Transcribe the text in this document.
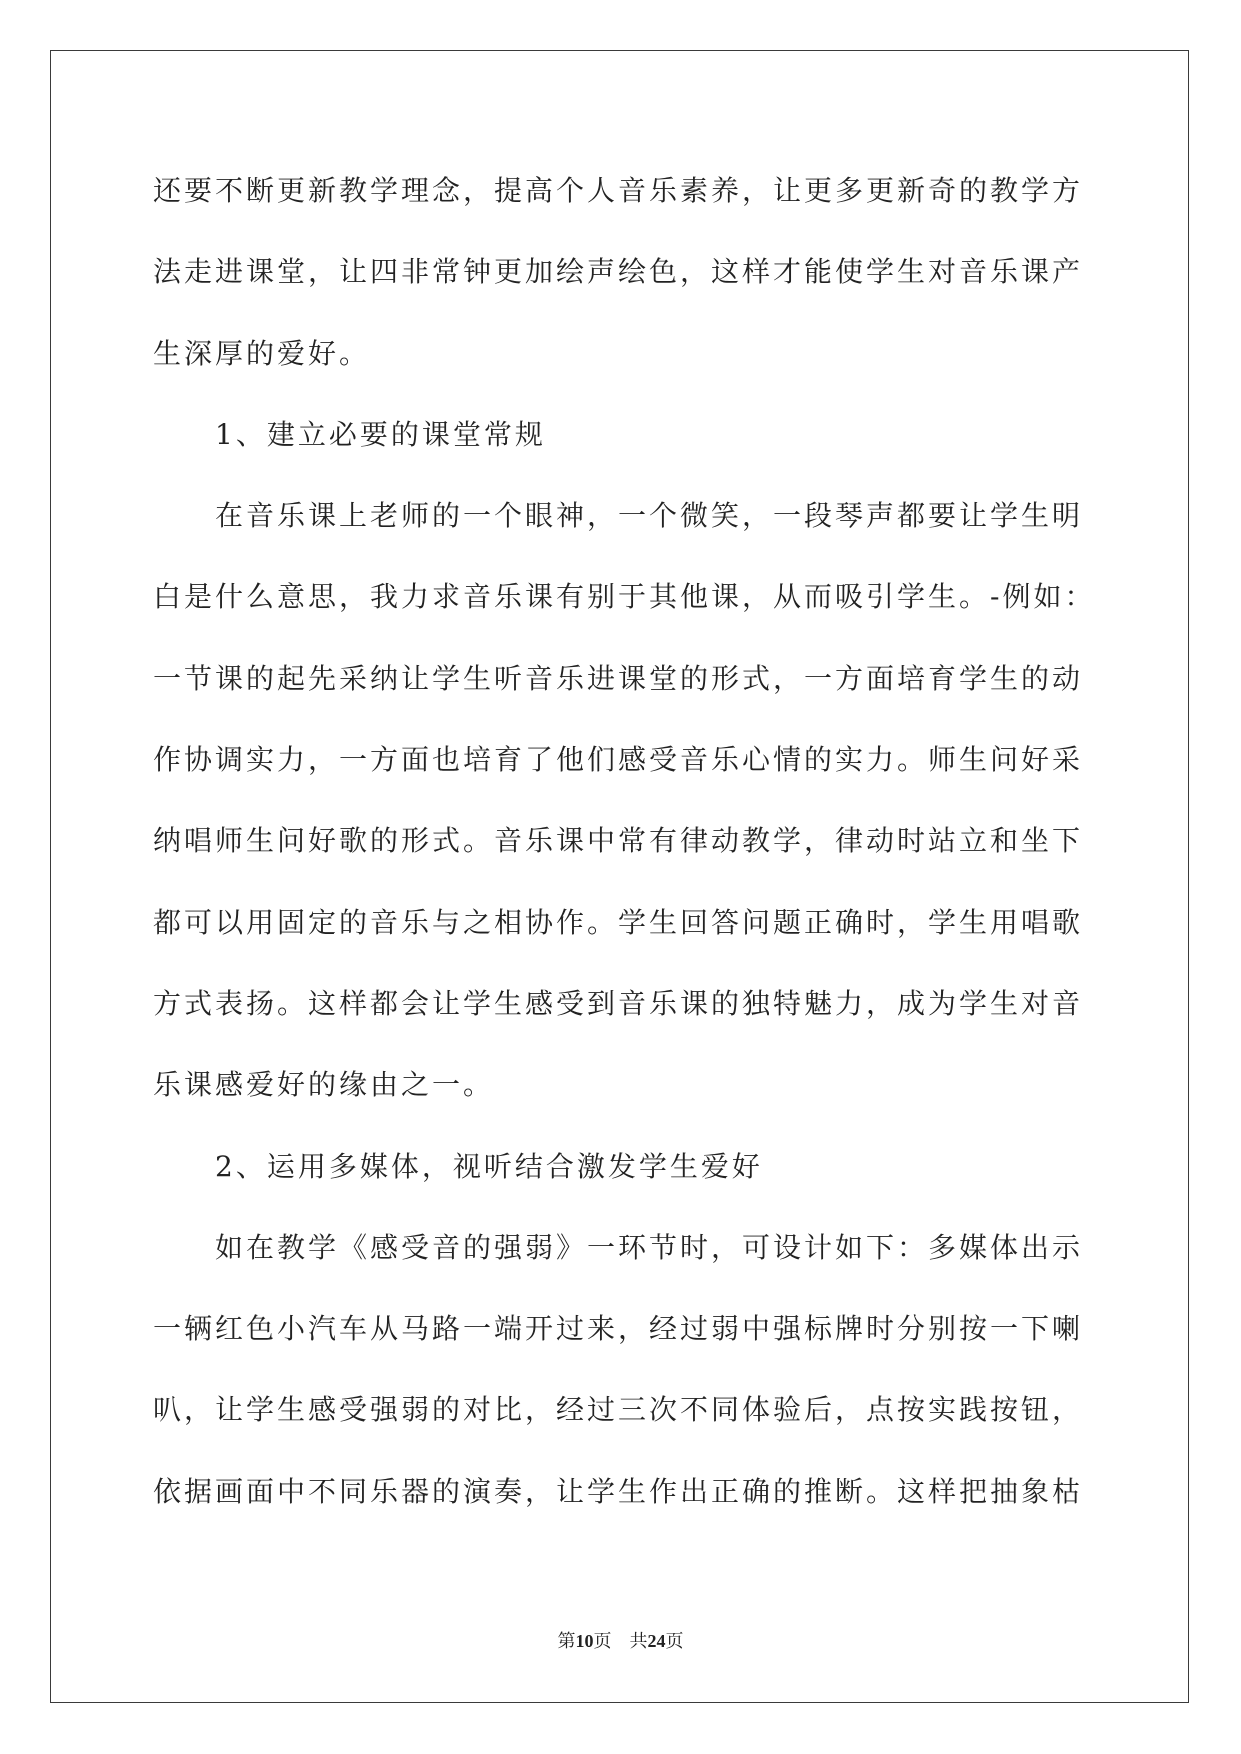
还要不断更新教学理念，提高个人音乐素养，让更多更新奇的教学方
法走进课堂，让四非常钟更加绘声绘色，这样才能使学生对音乐课产
生深厚的爱好。
1、建立必要的课堂常规
在音乐课上老师的一个眼神，一个微笑，一段琴声都要让学生明
白是什么意思，我力求音乐课有别于其他课，从而吸引学生。-例如：
一节课的起先采纳让学生听音乐进课堂的形式，一方面培育学生的动
作协调实力，一方面也培育了他们感受音乐心情的实力。师生问好采
纳唱师生问好歌的形式。音乐课中常有律动教学，律动时站立和坐下
都可以用固定的音乐与之相协作。学生回答问题正确时，学生用唱歌
方式表扬。这样都会让学生感受到音乐课的独特魅力，成为学生对音
乐课感爱好的缘由之一。
2、运用多媒体，视听结合激发学生爱好
如在教学《感受音的强弱》一环节时，可设计如下：多媒体出示
一辆红色小汽车从马路一端开过来，经过弱中强标牌时分别按一下喇
叭，让学生感受强弱的对比，经过三次不同体验后，点按实践按钮，
依据画面中不同乐器的演奏，让学生作出正确的推断。这样把抽象枯
第10页 共24页
